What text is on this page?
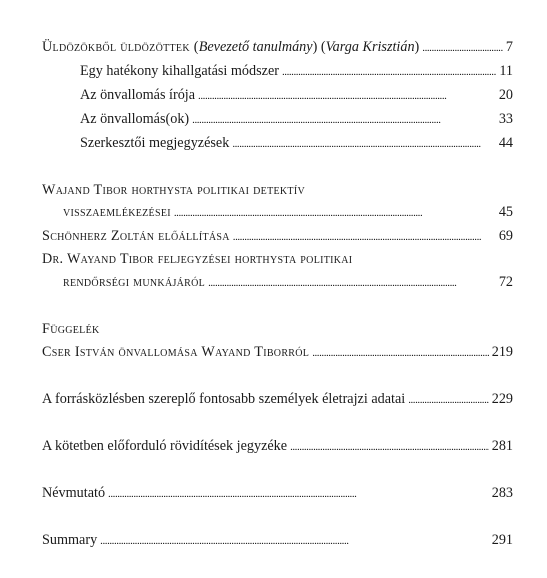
Üldözökből üldözöttek (Bevezető tanulmány) (Varga Krisztián) . . .	7
Egy hatékony kihallgatási módszer . . .	11
Az önvallomás írója . . .	20
Az önvallomás(ok) . . .	33
Szerkesztői megjegyzések . . .	44
Wajand Tibor horthysta politikai detektív
visszaemlékezései . . .	45
Schönherz Zoltán előállítása . . .	69
Dr. Wayand Tibor feljegyzései horthysta politikai
rendőrségi munkájáról . . .	72
Függelék
Cser István önvallomása Wayand Tiborról . . .	219
A forrásközlésben szereplő fontosabb személyek életrajzi adatai . . .	229
A kötetben előforduló rövidítések jegyzéke . . .	281
Névmutató . . .	283
Summary . . .	291
